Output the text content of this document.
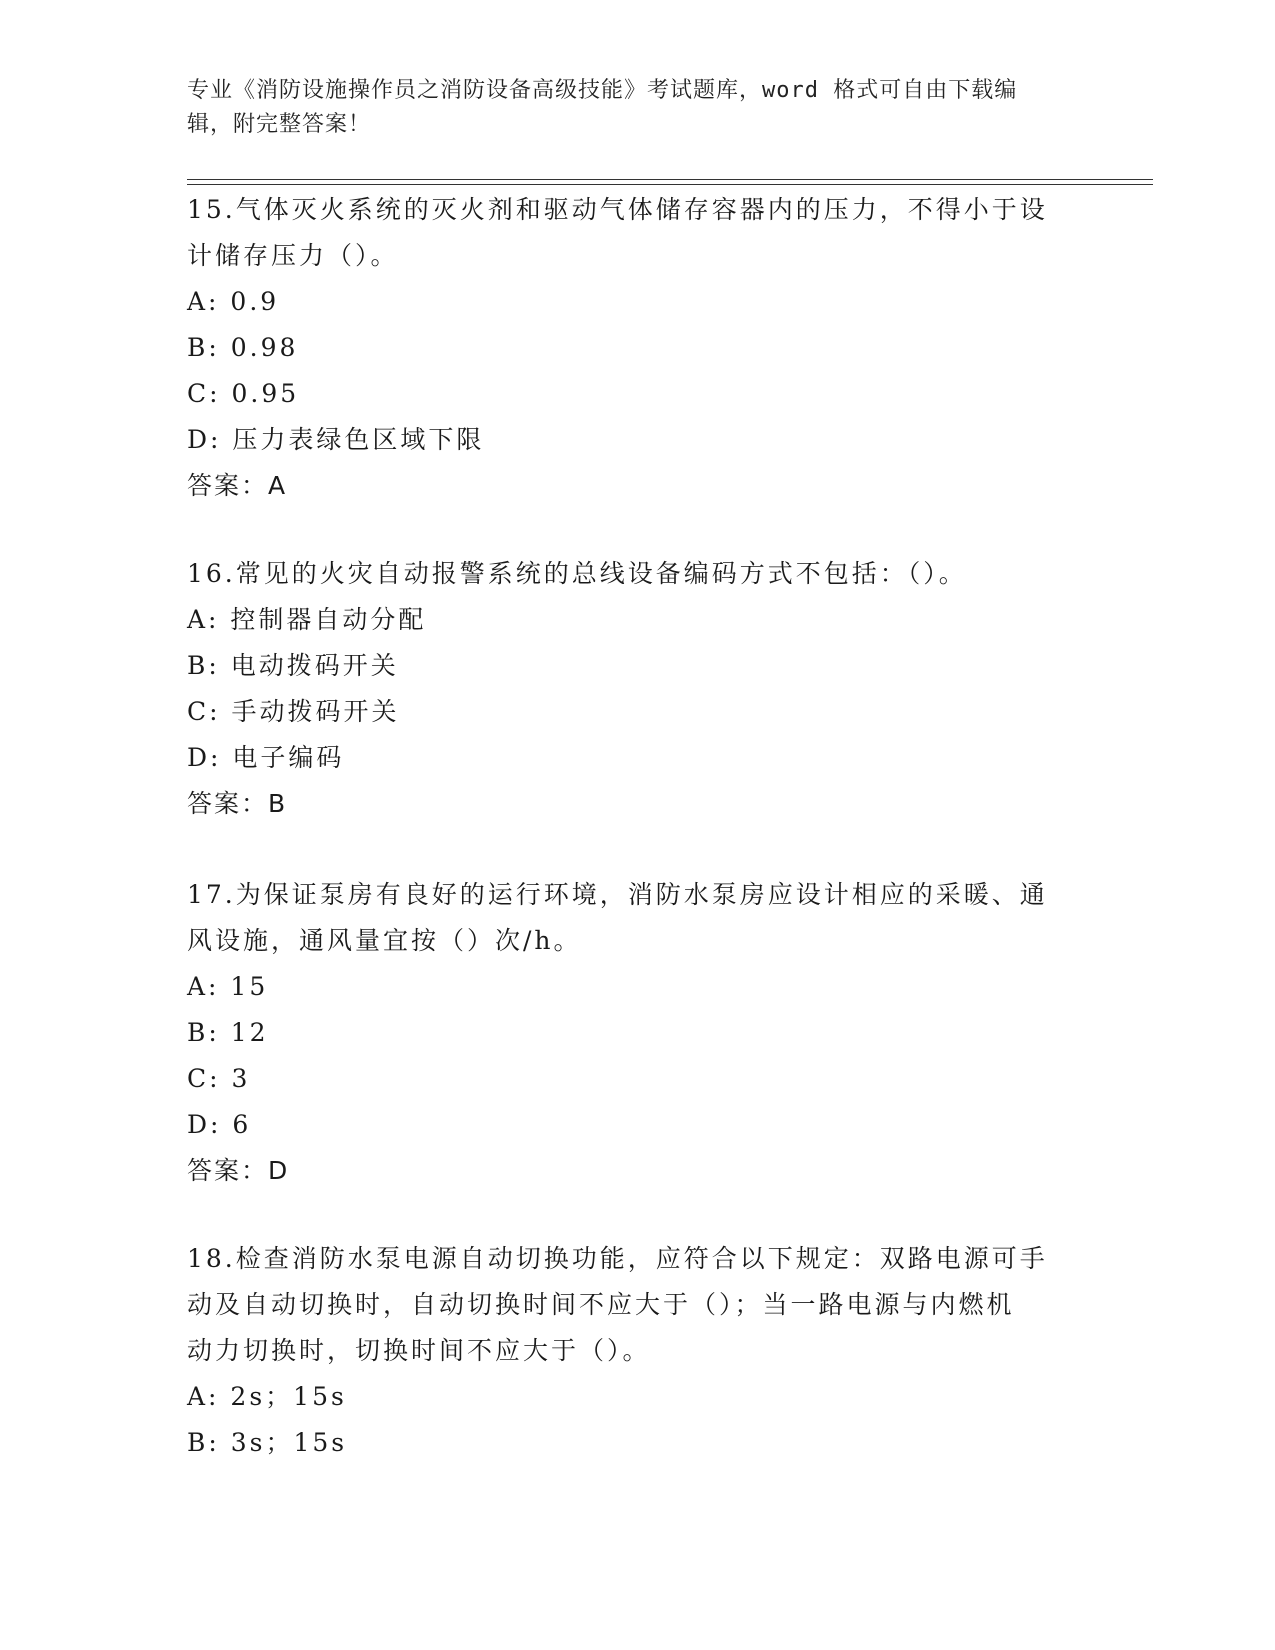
专业《消防设施操作员之消防设备高级技能》考试题库，word 格式可自由下载编
辑，附完整答案！

15.气体灭火系统的灭火剂和驱动气体储存容器内的压力，不得小于设

计储存压力（）。

A: 0.9

B: 0.98

C: 0.95

D: 压力表绿色区域下限

答案：A

16.常见的火灾自动报警系统的总线设备编码方式不包括：（）。

A: 控制器自动分配

B: 电动拨码开关

C: 手动拨码开关

D: 电子编码

答案：B

17.为保证泵房有良好的运行环境，消防水泵房应设计相应的采暖、通

风设施，通风量宜按（）次/h。

A: 15

B: 12

C: 3

D: 6

答案：D

18.检查消防水泵电源自动切换功能，应符合以下规定：双路电源可手

动及自动切换时，自动切换时间不应大于（）；当一路电源与内燃机

动力切换时，切换时间不应大于（）。

A: 2s；15s

B: 3s；15s
